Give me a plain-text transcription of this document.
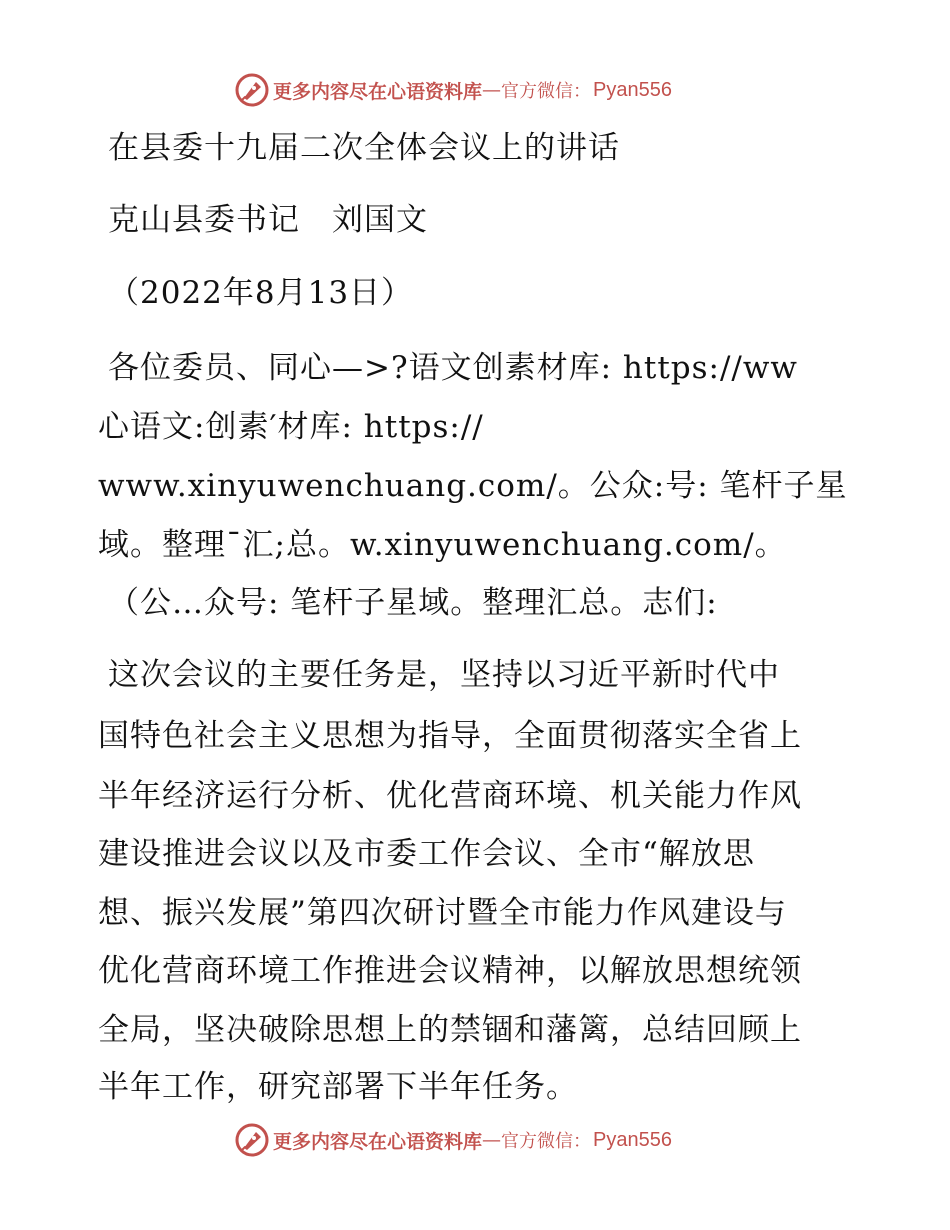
更多内容尽在心语资料库 — 官方微信： Pyan556
在县委十九届二次全体会议上的讲话
克山县委书记　刘国文
（2022年8月13日）
各位委员、同心—>?语文创素材库: https://ww
心语文:创素′材库: https://
www.xinyuwenchuang.com/。公众:号: 笔杆子星
域。整理¯汇;总。w.xinyuwenchuang.com/。
（公…众号: 笔杆子星域。整理汇总。志们:
这次会议的主要任务是，坚持以习近平新时代中
国特色社会主义思想为指导，全面贯彻落实全省上
半年经济运行分析、优化营商环境、机关能力作风
建设推进会议以及市委工作会议、全市“解放思
想、振兴发展”第四次研讨暨全市能力作风建设与
优化营商环境工作推进会议精神，以解放思想统领
全局，坚决破除思想上的禁锢和藩篱，总结回顾上
半年工作，研究部署下半年任务。
更多内容尽在心语资料库 — 官方微信： Pyan556
